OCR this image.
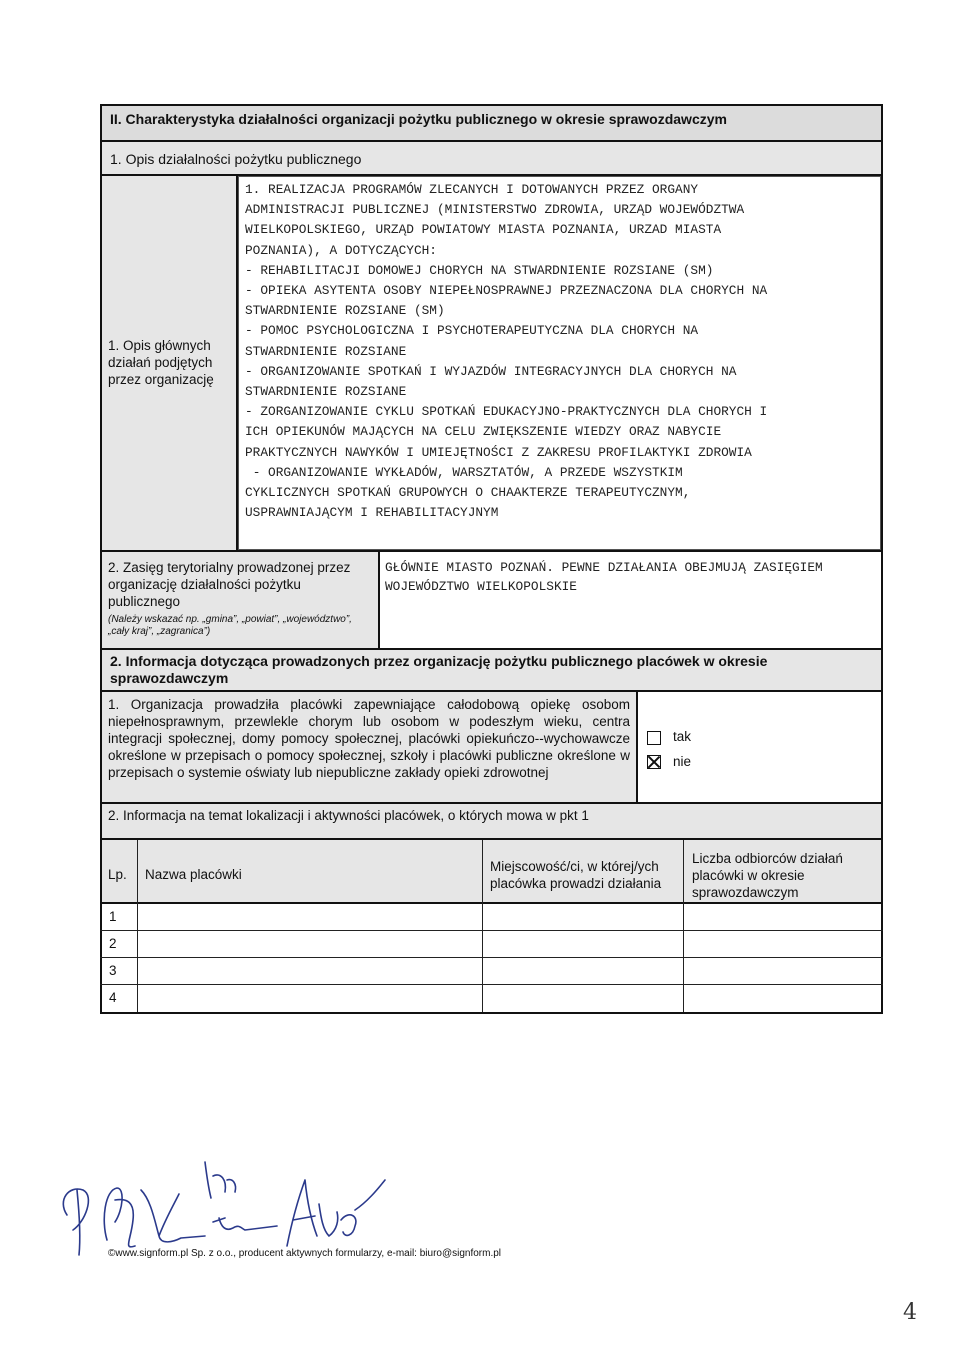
II. Charakterystyka działalności organizacji pożytku publicznego w okresie sprawozdawczym
1. Opis działalności pożytku publicznego
1. Opis głównych działań podjętych przez organizację
1. REALIZACJA PROGRAMÓW ZLECANYCH I DOTOWANYCH PRZEZ ORGANY
ADMINISTRACJI PUBLICZNEJ (MINISTERSTWO ZDROWIA, URZĄD WOJEWÓDZTWA
WIELKOPOLSKIEGO, URZĄD POWIATOWY MIASTA POZNANIA, URZAD MIASTA
POZNANIA), A DOTYCZĄCYCH:
- REHABILITACJI DOMOWEJ CHORYCH NA STWARDNIENIE ROZSIANE (SM)
- OPIEKA ASYTENTA OSOBY NIEPEŁNOSPRAWNEJ PRZEZNACZONA DLA CHORYCH NA
STWARDNIENIE ROZSIANE (SM)
- POMOC PSYCHOLOGICZNA I PSYCHOTERAPEUTYCZNA DLA CHORYCH NA
STWARDNIENIE ROZSIANE
- ORGANIZOWANIE SPOTKAŃ I WYJAZDÓW INTEGRACYJNYCH DLA CHORYCH NA
STWARDNIENIE ROZSIANE
- ZORGANIZOWANIE CYKLU SPOTKAŃ EDUKACYJNO-PRAKTYCZNYCH DLA CHORYCH I
ICH OPIEKUNÓW MAJĄCYCH NA CELU ZWIĘKSZENIE WIEDZY ORAZ NABYCIE
PRAKTYCZNYCH NAWYKÓW I UMIEJĘTNOŚCI Z ZAKRESU PROFILAKTYKI ZDROWIA
- ORGANIZOWANIE WYKŁADÓW, WARSZTATÓW, A PRZEDE WSZYSTKIM
CYKLICZNYCH SPOTKAŃ GRUPOWYCH O CHAAKTERZE TERAPEUTYCZNYM,
USPRAWNIAJĄCYM I REHABILITACYJNYM
2. Zasięg terytorialny prowadzonej przez organizację działalności pożytku publicznego
(Należy wskazać np. „gmina”, „powiat”, „województwo”, „cały kraj”, „zagranica”)
GŁÓWNIE MIASTO POZNAŃ. PEWNE DZIAŁANIA OBEJMUJĄ ZASIĘGIEM WOJEWÓDZTWO WIELKOPOLSKIE
2. Informacja dotycząca prowadzonych przez organizację pożytku publicznego placówek w okresie sprawozdawczym
1. Organizacja prowadziła placówki zapewniające całodobową opiekę osobom niepełnosprawnym, przewlekle chorym lub osobom w podeszłym wieku, centra integracji społecznej, domy pomocy społecznej, placówki opiekuńczo--wychowawcze określone w przepisach o pomocy społecznej, szkoły i placówki publiczne określone w przepisach o systemie oświaty lub niepubliczne zakłady opieki zdrowotnej
tak
nie
2. Informacja na temat lokalizacji i aktywności placówek, o których mowa w pkt 1
Lp. Nazwa placówki
Miejscowość/ci, w której/ych placówka prowadzi działania
Liczba odbiorców działań placówki w okresie sprawozdawczym
1
2
3
4
©www.signform.pl Sp. z o.o., producent aktywnych formularzy, e-mail: biuro@signform.pl
4
